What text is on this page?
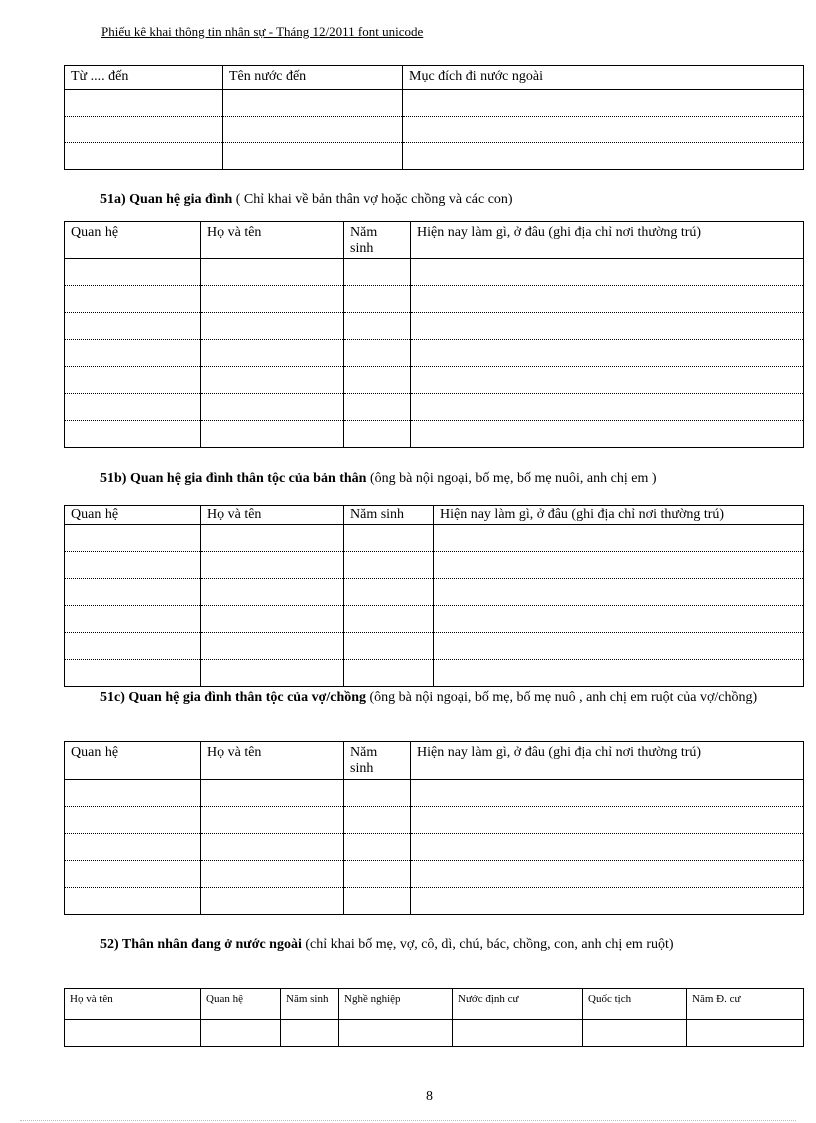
Phiếu kê khai thông tin nhân sự - Tháng 12/2011 font unicode
Từ .... đến	Tên nước đến	Mục đích đi nước ngoài

51a) Quan hệ gia đình ( Chỉ khai về bản thân vợ hoặc chồng và các con)
Quan hệ	Họ và tên	Năm sinh	Hiện nay làm gì, ở đâu (ghi địa chỉ nơi thường trú)

51b) Quan hệ gia đình thân tộc của bản thân (ông bà nội ngoại, bố mẹ, bố mẹ nuôi, anh chị em )
Quan hệ	Họ và tên	Năm sinh	Hiện nay làm gì, ở đâu (ghi địa chỉ nơi thường trú)

51c) Quan hệ gia đình thân tộc của vợ/chồng (ông bà nội ngoại, bố mẹ, bố mẹ nuô , anh chị em ruột của vợ/chồng)
Quan hệ	Họ và tên	Năm sinh	Hiện nay làm gì, ở đâu (ghi địa chỉ nơi thường trú)

52) Thân nhân đang ở nước ngoài (chỉ khai bố mẹ, vợ, cô, dì, chú, bác, chồng, con, anh chị em ruột)
Họ và tên	Quan hệ	Năm sinh	Nghề nghiệp	Nước định cư	Quốc tịch	Năm Đ. cư

8
